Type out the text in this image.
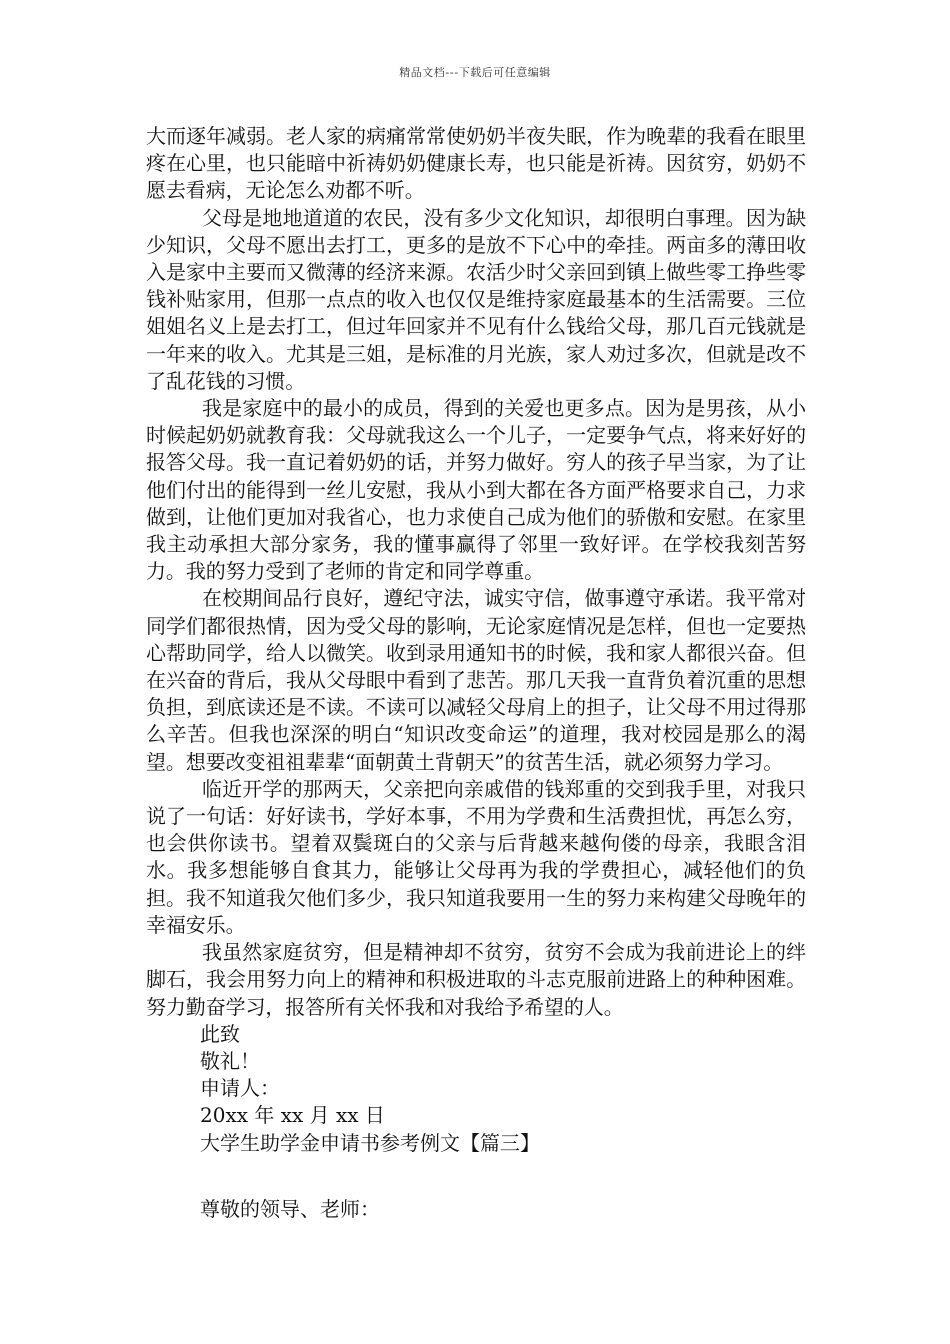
精品文档---下载后可任意编辑

大而逐年减弱。老人家的病痛常常使奶奶半夜失眠，作为晚辈的我看在眼里疼在心里，也只能暗中祈祷奶奶健康长寿，也只能是祈祷。因贫穷，奶奶不愿去看病，无论怎么劝都不听。

父母是地地道道的农民，没有多少文化知识，却很明白事理。因为缺少知识，父母不愿出去打工，更多的是放不下心中的牵挂。两亩多的薄田收入是家中主要而又微薄的经济来源。农活少时父亲回到镇上做些零工挣些零钱补贴家用，但那一点点的收入也仅仅是维持家庭最基本的生活需要。三位姐姐名义上是去打工，但过年回家并不见有什么钱给父母，那几百元钱就是一年来的收入。尤其是三姐，是标准的月光族，家人劝过多次，但就是改不了乱花钱的习惯。

我是家庭中的最小的成员，得到的关爱也更多点。因为是男孩，从小时候起奶奶就教育我：父母就我这么一个儿子，一定要争气点，将来好好的报答父母。我一直记着奶奶的话，并努力做好。穷人的孩子早当家，为了让他们付出的能得到一丝儿安慰，我从小到大都在各方面严格要求自己，力求做到，让他们更加对我省心，也力求使自己成为他们的骄傲和安慰。在家里我主动承担大部分家务，我的懂事赢得了邻里一致好评。在学校我刻苦努力。我的努力受到了老师的肯定和同学尊重。

在校期间品行良好，遵纪守法，诚实守信，做事遵守承诺。我平常对同学们都很热情，因为受父母的影响，无论家庭情况是怎样，但也一定要热心帮助同学，给人以微笑。收到录用通知书的时候，我和家人都很兴奋。但在兴奋的背后，我从父母眼中看到了悲苦。那几天我一直背负着沉重的思想负担，到底读还是不读。不读可以减轻父母肩上的担子，让父母不用过得那么辛苦。但我也深深的明白“知识改变命运”的道理，我对校园是那么的渴望。想要改变祖祖辈辈“面朝黄土背朝天”的贫苦生活，就必须努力学习。

临近开学的那两天，父亲把向亲戚借的钱郑重的交到我手里，对我只说了一句话：好好读书，学好本事，不用为学费和生活费担忧，再怎么穷，也会供你读书。望着双鬓斑白的父亲与后背越来越佝偻的母亲，我眼含泪水。我多想能够自食其力，能够让父母再为我的学费担心，减轻他们的负担。我不知道我欠他们多少，我只知道我要用一生的努力来构建父母晚年的幸福安乐。

我虽然家庭贫穷，但是精神却不贫穷，贫穷不会成为我前进论上的绊脚石，我会用努力向上的精神和积极进取的斗志克服前进路上的种种困难。努力勤奋学习，报答所有关怀我和对我给予希望的人。

此致

敬礼！

申请人：

20xx 年 xx 月 xx 日

大学生助学金申请书参考例文【篇三】

尊敬的领导、老师：
